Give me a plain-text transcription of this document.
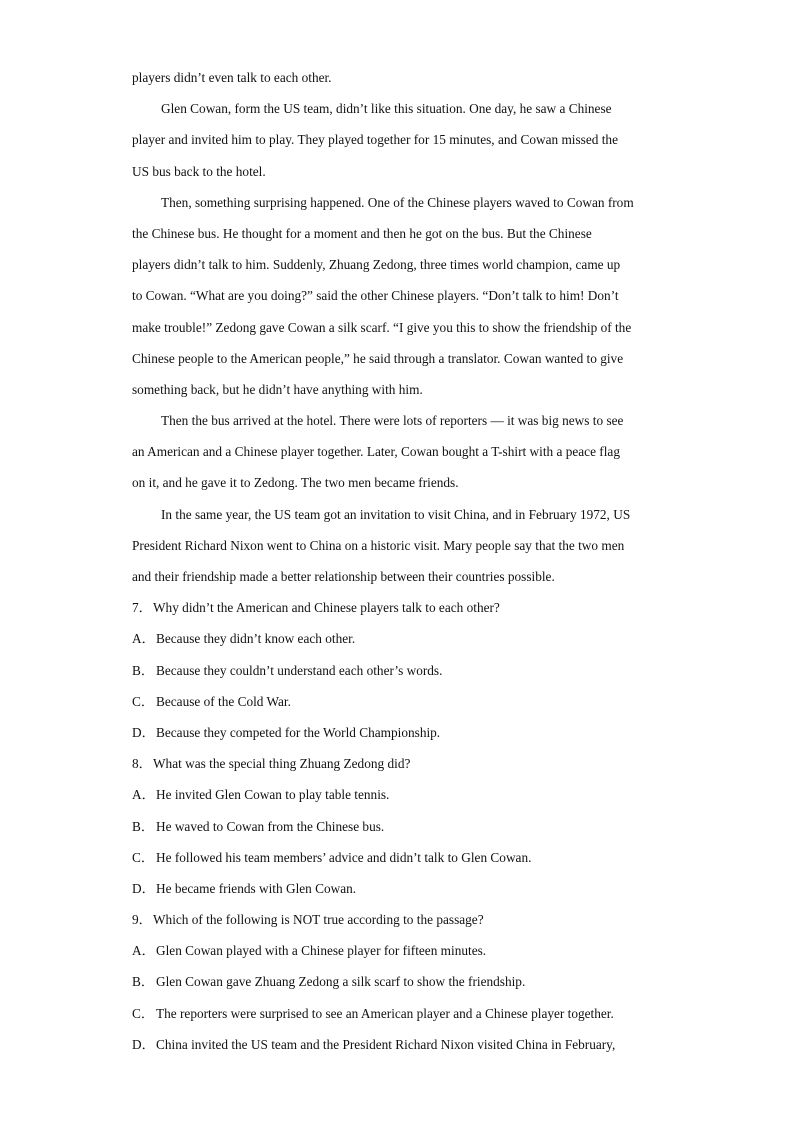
players didn’t even talk to each other.
Glen Cowan, form the US team, didn’t like this situation. One day, he saw a Chinese
player and invited him to play. They played together for 15 minutes, and Cowan missed the
US bus back to the hotel.
Then, something surprising happened. One of the Chinese players waved to Cowan from
the Chinese bus. He thought for a moment and then he got on the bus. But the Chinese
players didn’t talk to him. Suddenly, Zhuang Zedong, three times world champion, came up
to Cowan. “What are you doing?” said the other Chinese players. “Don’t talk to him! Don’t
make trouble!” Zedong gave Cowan a silk scarf. “I give you this to show the friendship of the
Chinese people to the American people,” he said through a translator. Cowan wanted to give
something back, but he didn’t have anything with him.
Then the bus arrived at the hotel. There were lots of reporters — it was big news to see
an American and a Chinese player together. Later, Cowan bought a T-shirt with a peace flag
on it, and he gave it to Zedong. The two men became friends.
In the same year, the US team got an invitation to visit China, and in February 1972, US
President Richard Nixon went to China on a historic visit. Mary people say that the two men
and their friendship made a better relationship between their countries possible.
7．Why didn’t the American and Chinese players talk to each other?
A．Because they didn’t know each other.
B． Because they couldn’t understand each other’s words.
C． Because of the Cold War.
D．Because they competed for the World Championship.
8．What was the special thing Zhuang Zedong did?
A．He invited Glen Cowan to play table tennis.
B． He waved to Cowan from the Chinese bus.
C． He followed his team members’ advice and didn’t talk to Glen Cowan.
D．He became friends with Glen Cowan.
9．Which of the following is NOT true according to the passage?
A．Glen Cowan played with a Chinese player for fifteen minutes.
B． Glen Cowan gave Zhuang Zedong a silk scarf to show the friendship.
C． The reporters were surprised to see an American player and a Chinese player together.
D．China invited the US team and the President Richard Nixon visited China in February,
